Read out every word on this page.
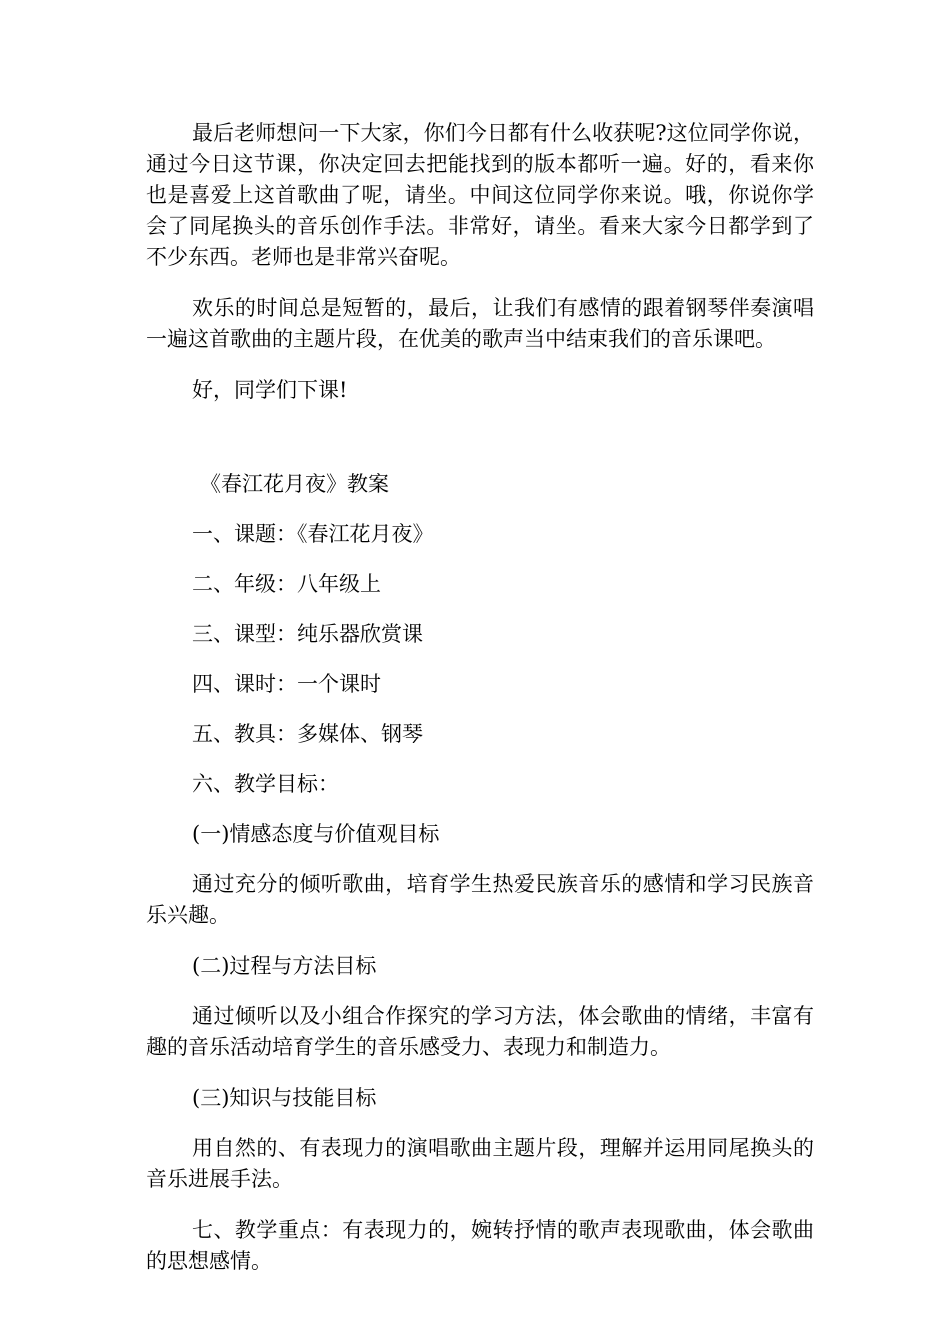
最后老师想问一下大家，你们今日都有什么收获呢?这位同学你说，通过今日这节课，你决定回去把能找到的版本都听一遍。好的，看来你也是喜爱上这首歌曲了呢，请坐。中间这位同学你来说。哦，你说你学会了同尾换头的音乐创作手法。非常好，请坐。看来大家今日都学到了不少东西。老师也是非常兴奋呢。

欢乐的时间总是短暂的，最后，让我们有感情的跟着钢琴伴奏演唱一遍这首歌曲的主题片段，在优美的歌声当中结束我们的音乐课吧。

好，同学们下课!

《春江花月夜》教案

一、课题：《春江花月夜》

二、年级：八年级上

三、课型：纯乐器欣赏课

四、课时：一个课时

五、教具：多媒体、钢琴

六、教学目标：

(一)情感态度与价值观目标

通过充分的倾听歌曲，培育学生热爱民族音乐的感情和学习民族音乐兴趣。

(二)过程与方法目标

通过倾听以及小组合作探究的学习方法，体会歌曲的情绪，丰富有趣的音乐活动培育学生的音乐感受力、表现力和制造力。

(三)知识与技能目标

用自然的、有表现力的演唱歌曲主题片段，理解并运用同尾换头的音乐进展手法。

七、教学重点：有表现力的，婉转抒情的歌声表现歌曲，体会歌曲的思想感情。
